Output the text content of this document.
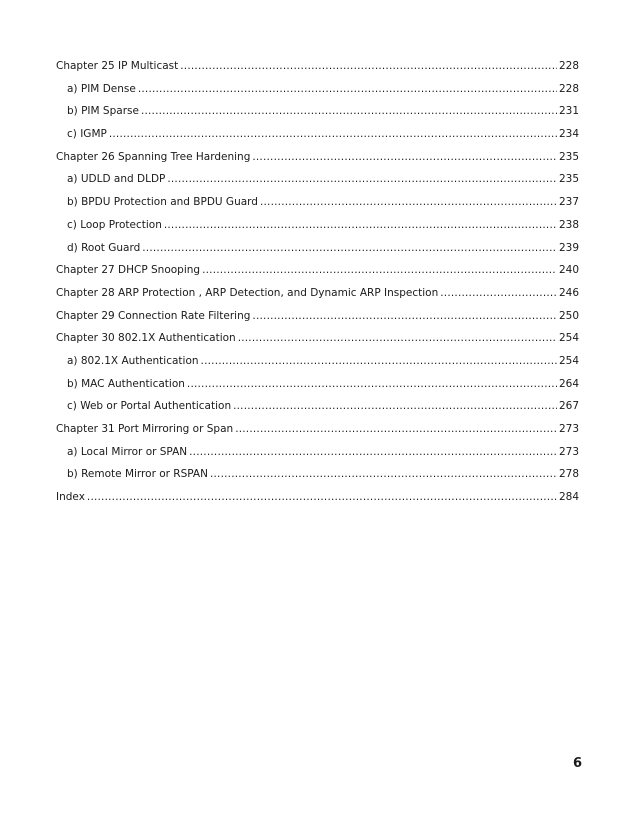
Chapter 25 IP Multicast .....	228
a) PIM Dense .....	228
b) PIM Sparse .....	231
c) IGMP .....	234
Chapter 26 Spanning Tree Hardening .....	235
a) UDLD and DLDP .....	235
b) BPDU Protection and BPDU Guard .....	237
c) Loop Protection .....	238
d) Root Guard .....	239
Chapter 27 DHCP Snooping .....	240
Chapter 28 ARP Protection , ARP Detection, and Dynamic ARP Inspection .....	246
Chapter 29 Connection Rate Filtering .....	250
Chapter 30 802.1X Authentication .....	254
a) 802.1X Authentication .....	254
b) MAC Authentication .....	264
c) Web or Portal Authentication .....	267
Chapter 31 Port Mirroring or Span .....	273
a) Local Mirror or SPAN .....	273
b) Remote Mirror or RSPAN .....	278
Index .....	284
6
